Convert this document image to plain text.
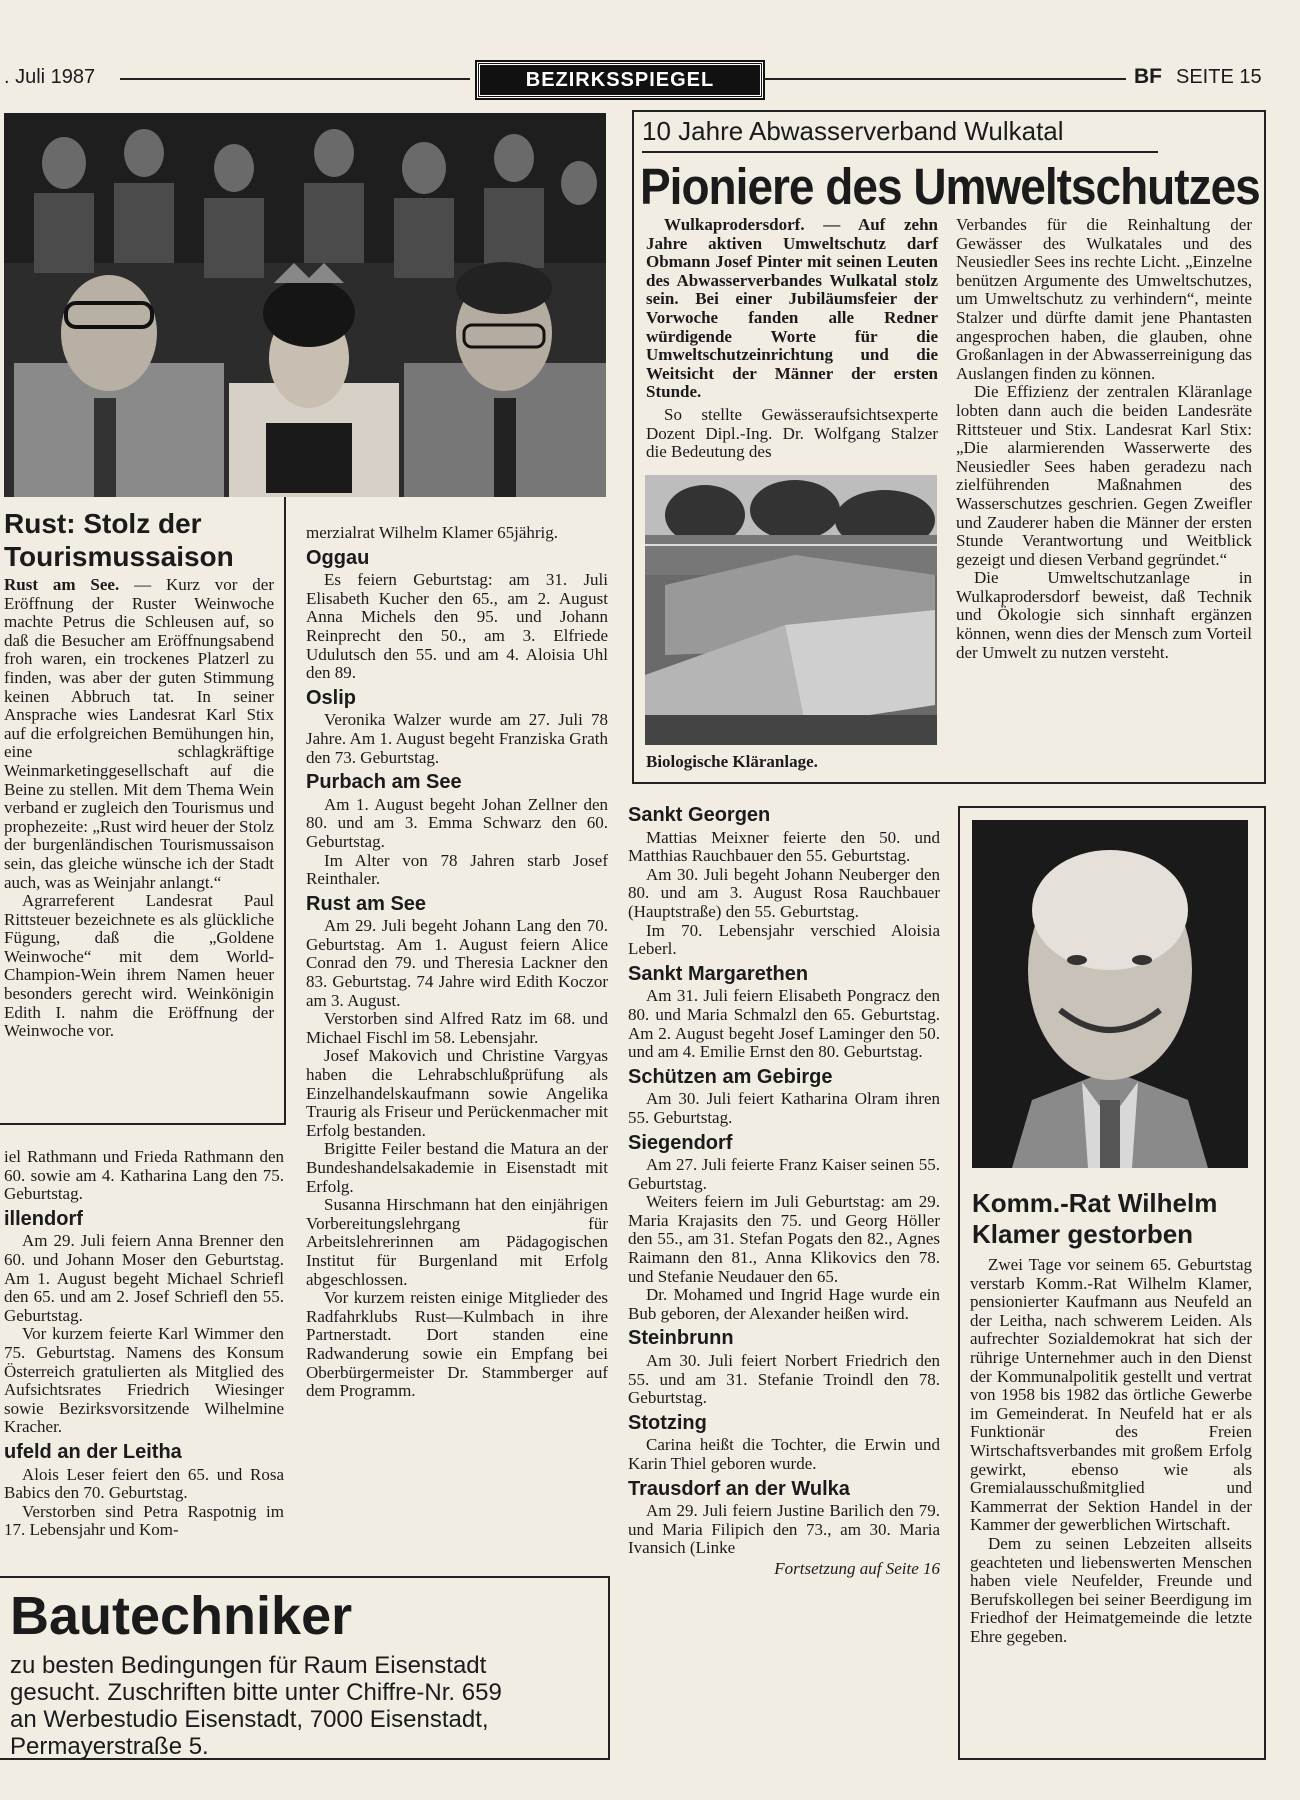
. Juli 1987	BEZIRKSSPIEGEL	BF SEITE 15
Rust: Stolz der
Tourismussaison

Rust am See. — Kurz vor der Eröffnung der Ruster Weinwoche machte Petrus die Schleusen auf, so daß die Besucher am Eröffnungsabend froh waren, ein trockenes Platzerl zu finden, was aber der guten Stimmung keinen Abbruch tat. In seiner Ansprache wies Landesrat Karl Stix auf die erfolgreichen Bemühungen hin, eine schlagkräftige Weinmarketinggesellschaft auf die Beine zu stellen. Mit dem Thema Wein verband er zugleich den Tourismus und prophezeite: „Rust wird heuer der Stolz der burgenländischen Tourismussaison sein, das gleiche wünsche ich der Stadt auch, was as Weinjahr anlangt.“

Agrarreferent Landesrat Paul Rittsteuer bezeichnete es als glückliche Fügung, daß die „Goldene Weinwoche“ mit dem World-Champion-Wein ihrem Namen heuer besonders gerecht wird. Weinkönigin Edith I. nahm die Eröffnung der Weinwoche vor.

iel Rathmann und Frieda Rathmann den 60. sowie am 4. Katharina Lang den 75. Geburtstag.

illendorf

Am 29. Juli feiern Anna Brenner den 60. und Johann Moser den Geburtstag. Am 1. August begeht Michael Schriefl den 65. und am 2. Josef Schriefl den 55. Geburtstag.

Vor kurzem feierte Karl Wimmer den 75. Geburtstag. Namens des Konsum Österreich gratulierten als Mitglied des Aufsichtsrates Friedrich Wiesinger sowie Bezirksvorsitzende Wilhelmine Kracher.

ufeld an der Leitha

Alois Leser feiert den 65. und Rosa Babics den 70. Geburtstag.

Verstorben sind Petra Raspotnig im 17. Lebensjahr und Kom-

merzialrat Wilhelm Klamer 65jährig.

Oggau

Es feiern Geburtstag: am 31. Juli Elisabeth Kucher den 65., am 2. August Anna Michels den 95. und Johann Reinprecht den 50., am 3. Elfriede Udulutsch den 55. und am 4. Aloisia Uhl den 89.

Oslip

Veronika Walzer wurde am 27. Juli 78 Jahre. Am 1. August begeht Franziska Grath den 73. Geburtstag.

Purbach am See

Am 1. August begeht Johan Zellner den 80. und am 3. Emma Schwarz den 60. Geburtstag.

Im Alter von 78 Jahren starb Josef Reinthaler.

Rust am See

Am 29. Juli begeht Johann Lang den 70. Geburtstag. Am 1. August feiern Alice Conrad den 79. und Theresia Lackner den 83. Geburtstag. 74 Jahre wird Edith Koczor am 3. August.

Verstorben sind Alfred Ratz im 68. und Michael Fischl im 58. Lebensjahr.

Josef Makovich und Christine Vargyas haben die Lehrabschlußprüfung als Einzelhandelskaufmann sowie Angelika Traurig als Friseur und Perückenmacher mit Erfolg bestanden.

Brigitte Feiler bestand die Matura an der Bundeshandelsakademie in Eisenstadt mit Erfolg.

Susanna Hirschmann hat den einjährigen Vorbereitungslehrgang für Arbeitslehrerinnen am Pädagogischen Institut für Burgenland mit Erfolg abgeschlossen.

Vor kurzem reisten einige Mitglieder des Radfahrklubs Rust—Kulmbach in ihre Partnerstadt. Dort standen eine Radwanderung sowie ein Empfang bei Oberbürgermeister Dr. Stammberger auf dem Programm.

Bautechniker
zu besten Bedingungen für Raum Eisenstadt
gesucht. Zuschriften bitte unter Chiffre-Nr. 659
an Werbestudio Eisenstadt, 7000 Eisenstadt,
Permayerstraße 5.
10 Jahre Abwasserverband Wulkatal
Pioniere des Umweltschutzes

Wulkaprodersdorf. — Auf zehn Jahre aktiven Umweltschutz darf Obmann Josef Pinter mit seinen Leuten des Abwasserverbandes Wulkatal stolz sein. Bei einer Jubiläumsfeier der Vorwoche fanden alle Redner würdigende Worte für die Umweltschutzeinrichtung und die Weitsicht der Männer der ersten Stunde.

So stellte Gewässeraufsichtsexperte Dozent Dipl.-Ing. Dr. Wolfgang Stalzer die Bedeutung des

Biologische Kläranlage.

Verbandes für die Reinhaltung der Gewässer des Wulkatales und des Neusiedler Sees ins rechte Licht. „Einzelne benützen Argumente des Umweltschutzes, um Umweltschutz zu verhindern“, meinte Stalzer und dürfte damit jene Phantasten angesprochen haben, die glauben, ohne Großanlagen in der Abwasserreinigung das Auslangen finden zu können.

Die Effizienz der zentralen Kläranlage lobten dann auch die beiden Landesräte Rittsteuer und Stix. Landesrat Karl Stix: „Die alarmierenden Wasserwerte des Neusiedler Sees haben geradezu nach zielführenden Maßnahmen des Wasserschutzes geschrien. Gegen Zweifler und Zauderer haben die Männer der ersten Stunde Verantwortung und Weitblick gezeigt und diesen Verband gegründet.“

Die Umweltschutzanlage in Wulkaprodersdorf beweist, daß Technik und Ökologie sich sinnhaft ergänzen können, wenn dies der Mensch zum Vorteil der Umwelt zu nutzen versteht.

Sankt Georgen

Mattias Meixner feierte den 50. und Matthias Rauchbauer den 55. Geburtstag.

Am 30. Juli begeht Johann Neuberger den 80. und am 3. August Rosa Rauchbauer (Hauptstraße) den 55. Geburtstag.

Im 70. Lebensjahr verschied Aloisia Leberl.

Sankt Margarethen

Am 31. Juli feiern Elisabeth Pongracz den 80. und Maria Schmalzl den 65. Geburtstag. Am 2. August begeht Josef Laminger den 50. und am 4. Emilie Ernst den 80. Geburtstag.

Schützen am Gebirge

Am 30. Juli feiert Katharina Olram ihren 55. Geburtstag.

Siegendorf

Am 27. Juli feierte Franz Kaiser seinen 55. Geburtstag.

Weiters feiern im Juli Geburtstag: am 29. Maria Krajasits den 75. und Georg Höller den 55., am 31. Stefan Pogats den 82., Agnes Raimann den 81., Anna Klikovics den 78. und Stefanie Neudauer den 65.

Dr. Mohamed und Ingrid Hage wurde ein Bub geboren, der Alexander heißen wird.

Steinbrunn

Am 30. Juli feiert Norbert Friedrich den 55. und am 31. Stefanie Troindl den 78. Geburtstag.

Stotzing

Carina heißt die Tochter, die Erwin und Karin Thiel geboren wurde.

Trausdorf an der Wulka

Am 29. Juli feiern Justine Barilich den 79. und Maria Filipich den 73., am 30. Maria Ivansich (Linke

Fortsetzung auf Seite 16
Komm.-Rat Wilhelm
Klamer gestorben

Zwei Tage vor seinem 65. Geburtstag verstarb Komm.-Rat Wilhelm Klamer, pensionierter Kaufmann aus Neufeld an der Leitha, nach schwerem Leiden. Als aufrechter Sozialdemokrat hat sich der rührige Unternehmer auch in den Dienst der Kommunalpolitik gestellt und vertrat von 1958 bis 1982 das örtliche Gewerbe im Gemeinderat. In Neufeld hat er als Funktionär des Freien Wirtschaftsverbandes mit großem Erfolg gewirkt, ebenso wie als Gremialausschußmitglied und Kammerrat der Sektion Handel in der Kammer der gewerblichen Wirtschaft.

Dem zu seinen Lebzeiten allseits geachteten und liebenswerten Menschen haben viele Neufelder, Freunde und Berufskollegen bei seiner Beerdigung im Friedhof der Heimatgemeinde die letzte Ehre gegeben.
